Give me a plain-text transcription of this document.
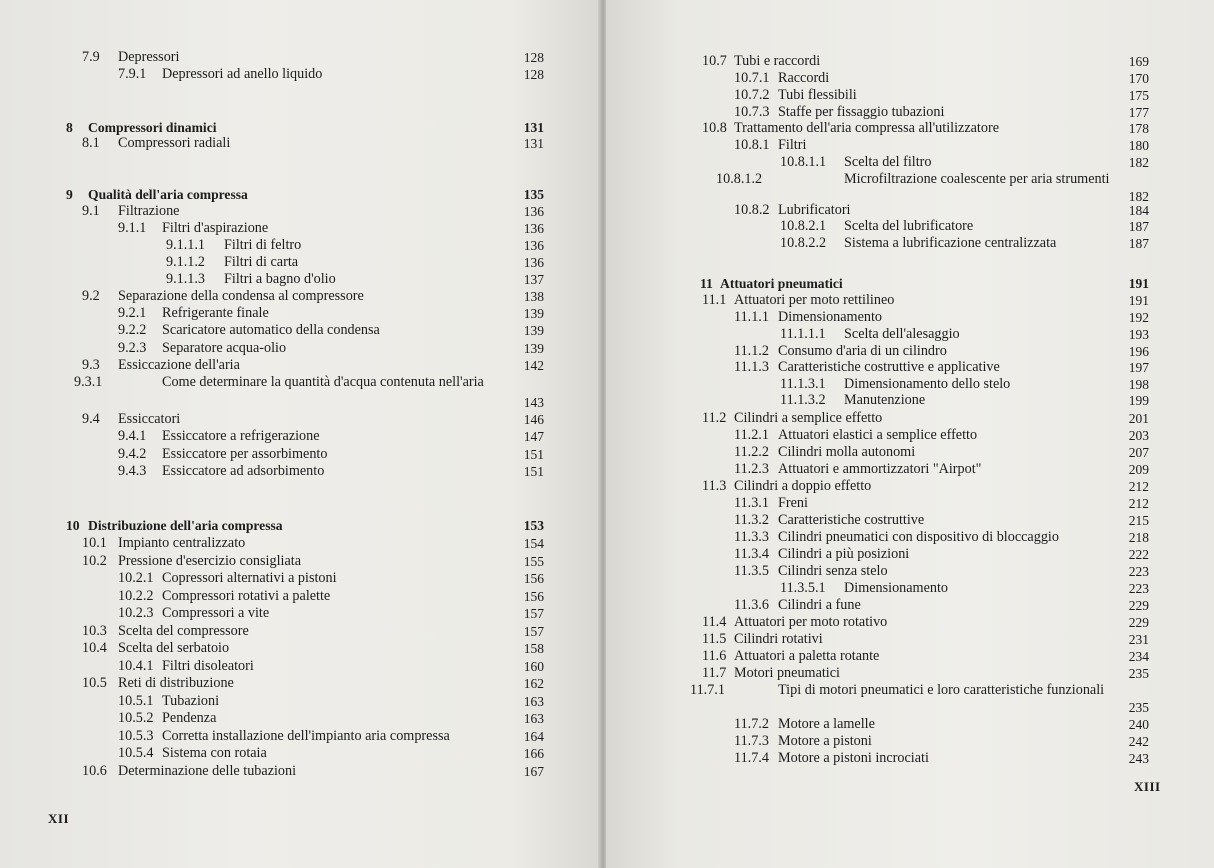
7.9 Depressori	128
7.9.1 Depressori ad anello liquido	128
8 Compressori dinamici	131
8.1 Compressori radiali	131
9 Qualità dell'aria compressa	135
9.1 Filtrazione	136
9.1.1 Filtri d'aspirazione	136
9.1.1.1 Filtri di feltro	136
9.1.1.2 Filtri di carta	136
9.1.1.3 Filtri a bagno d'olio	137
9.2 Separazione della condensa al compressore	138
9.2.1 Refrigerante finale	139
9.2.2 Scaricatore automatico della condensa	139
9.2.3 Separatore acqua-olio	139
9.3 Essiccazione dell'aria	142
9.3.1	Come determinare la quantità d'acqua contenuta nell'aria
143
9.4 Essiccatori	146
9.4.1 Essiccatore a refrigerazione	147
9.4.2 Essiccatore per assorbimento	151
9.4.3 Essiccatore ad adsorbimento	151
10 Distribuzione dell'aria compressa	153
10.1 Impianto centralizzato	154
10.2 Pressione d'esercizio consigliata	155
10.2.1 Copressori alternativi a pistoni	156
10.2.2 Compressori rotativi a palette	156
10.2.3 Compressori a vite	157
10.3 Scelta del compressore	157
10.4 Scelta del serbatoio	158
10.4.1 Filtri disoleatori	160
10.5 Reti di distribuzione	162
10.5.1 Tubazioni	163
10.5.2 Pendenza	163
10.5.3 Corretta installazione dell'impianto aria compressa	164
10.5.4 Sistema con rotaia	166
10.6 Determinazione delle tubazioni	167
XII
10.7 Tubi e raccordi	169
10.7.1 Raccordi	170
10.7.2 Tubi flessibili	175
10.7.3 Staffe per fissaggio tubazioni	177
10.8 Trattamento dell'aria compressa all'utilizzatore	178
10.8.1 Filtri	180
10.8.1.1 Scelta del filtro	182
10.8.1.2	Microfiltrazione coalescente per aria strumenti
182
10.8.2 Lubrificatori	184
10.8.2.1 Scelta del lubrificatore	187
10.8.2.2 Sistema a lubrificazione centralizzata	187
11 Attuatori pneumatici	191
11.1 Attuatori per moto rettilineo	191
11.1.1 Dimensionamento	192
11.1.1.1 Scelta dell'alesaggio	193
11.1.2 Consumo d'aria di un cilindro	196
11.1.3 Caratteristiche costruttive e applicative	197
11.1.3.1 Dimensionamento dello stelo	198
11.1.3.2 Manutenzione	199
11.2 Cilindri a semplice effetto	201
11.2.1 Attuatori elastici a semplice effetto	203
11.2.2 Cilindri molla autonomi	207
11.2.3 Attuatori e ammortizzatori "Airpot"	209
11.3 Cilindri a doppio effetto	212
11.3.1 Freni	212
11.3.2 Caratteristiche costruttive	215
11.3.3 Cilindri pneumatici con dispositivo di bloccaggio	218
11.3.4 Cilindri a più posizioni	222
11.3.5 Cilindri senza stelo	223
11.3.5.1 Dimensionamento	223
11.3.6 Cilindri a fune	229
11.4 Attuatori per moto rotativo	229
11.5 Cilindri rotativi	231
11.6 Attuatori a paletta rotante	234
11.7 Motori pneumatici	235
11.7.1	Tipi di motori pneumatici e loro caratteristiche funzionali
235
11.7.2 Motore a lamelle	240
11.7.3 Motore a pistoni	242
11.7.4 Motore a pistoni incrociati	243
XIII
